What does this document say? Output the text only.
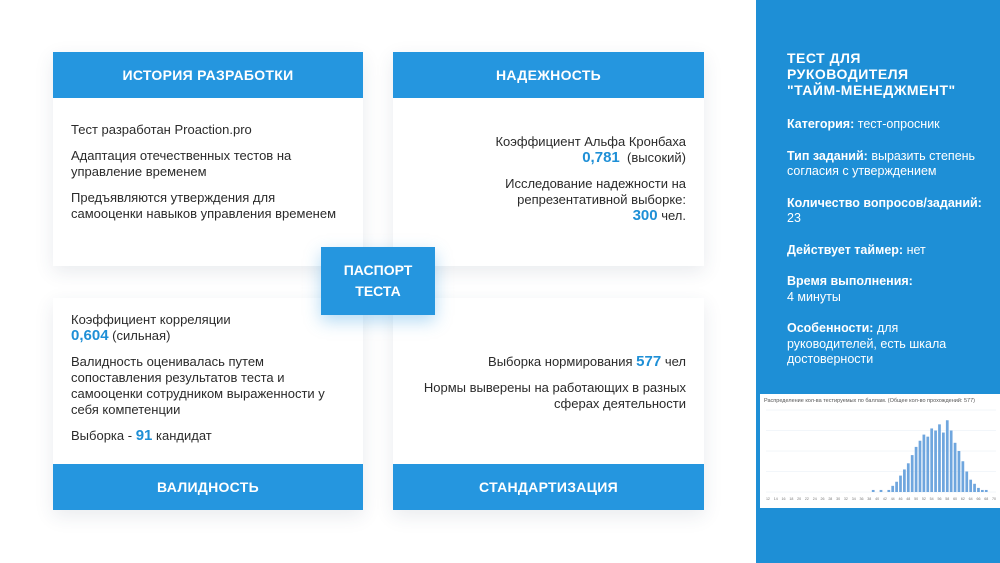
ИСТОРИЯ РАЗРАБОТКИ
Тест разработан Proaction.pro
Адаптация отечественных тестов на управление временем
Предъявляются утверждения для самооценки навыков управления временем
НАДЕЖНОСТЬ
Коэффициент Альфа Кронбаха
0,781 (высокий)
Исследование надежности на репрезентативной выборке:
300 чел.
Коэффициент корреляции
0,604 (сильная)
Валидность оценивалась путем сопоставления результатов теста и самооценки сотрудником выраженности у себя компетенции
Выборка - 91 кандидат
ВАЛИДНОСТЬ
Выборка нормирования 577 чел
Нормы выверены на работающих в разных сферах деятельности
СТАНДАРТИЗАЦИЯ
ПАСПОРТ
ТЕСТА
ТЕСТ ДЛЯ
РУКОВОДИТЕЛЯ
"ТАЙМ-МЕНЕДЖМЕНТ"
Категория: тест-опросник
Тип заданий: выразить степень согласия с утверждением
Количество вопросов/заданий: 23
Действует таймер: нет
Время выполнения:
4 минуты
Особенности: для руководителей, есть шкала достоверности
12 14 16 18 20 22 24 26 28 30 32 34 36 38 40 42 44 46 48 50 52 54 56 58 60 62 64 66 68 70
Распределение кол-ва тестируемых по баллам. (Общее кол-во прохождений: 577)
